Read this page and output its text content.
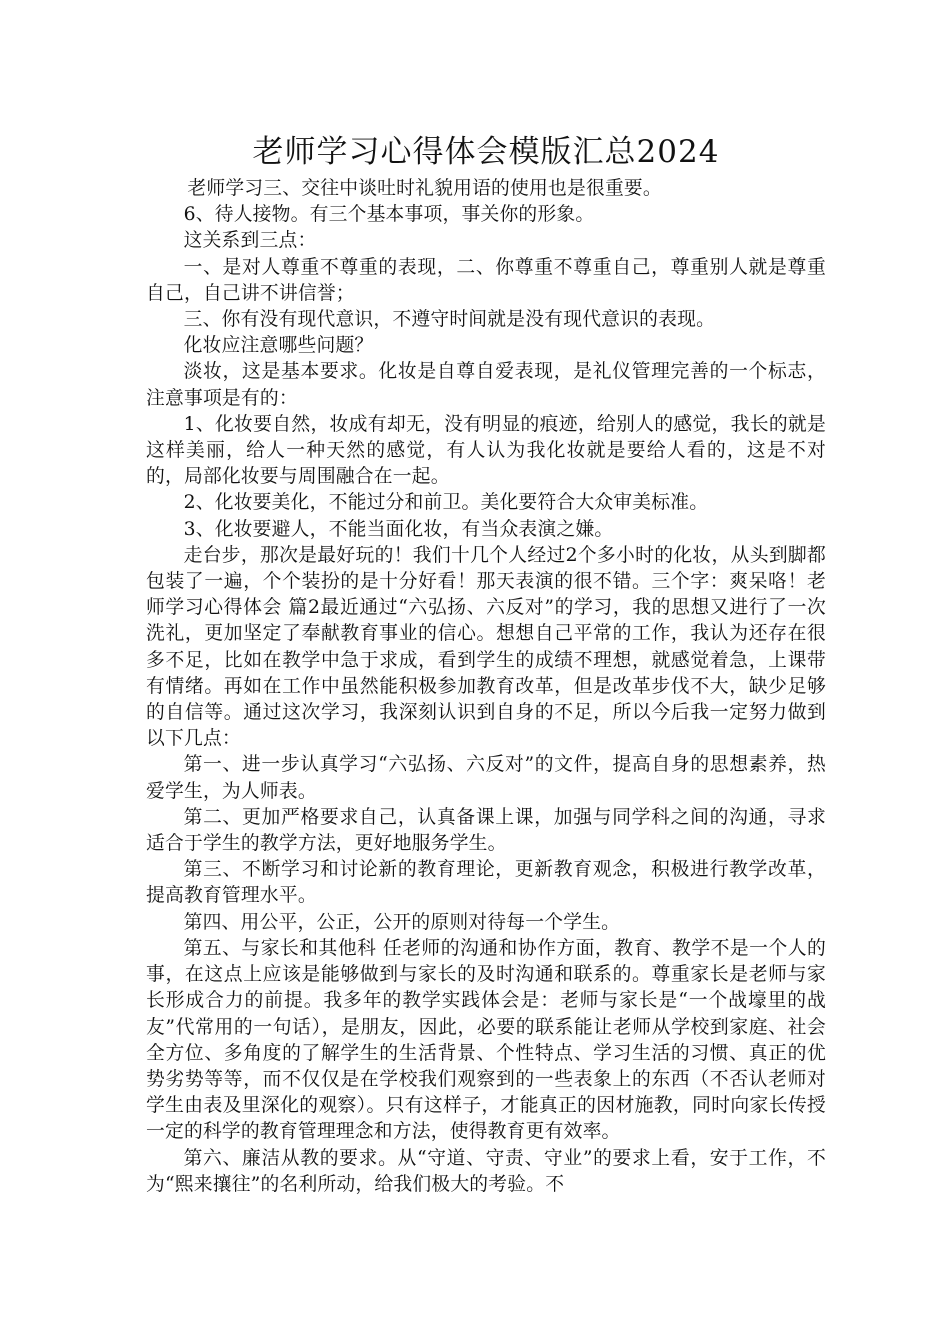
老师学习心得体会模版汇总2024

老师学习三、交往中谈吐时礼貌用语的使用也是很重要。

6、待人接物。有三个基本事项，事关你的形象。

这关系到三点：

一、是对人尊重不尊重的表现，二、你尊重不尊重自己，尊重别人就是尊重自己，自己讲不讲信誉；

三、你有没有现代意识，不遵守时间就是没有现代意识的表现。

化妆应注意哪些问题？

淡妆，这是基本要求。化妆是自尊自爱表现，是礼仪管理完善的一个标志，注意事项是有的：

1、化妆要自然，妆成有却无，没有明显的痕迹，给别人的感觉，我长的就是这样美丽，给人一种天然的感觉，有人认为我化妆就是要给人看的，这是不对的，局部化妆要与周围融合在一起。

2、化妆要美化，不能过分和前卫。美化要符合大众审美标准。

3、化妆要避人，不能当面化妆，有当众表演之嫌。

走台步，那次是最好玩的！我们十几个人经过2个多小时的化妆，从头到脚都包装了一遍，个个装扮的是十分好看！那天表演的很不错。三个字：爽呆咯！老师学习心得体会 篇2最近通过“六弘扬、六反对”的学习，我的思想又进行了一次洗礼，更加坚定了奉献教育事业的信心。想想自己平常的工作，我认为还存在很多不足，比如在教学中急于求成，看到学生的成绩不理想，就感觉着急，上课带有情绪。再如在工作中虽然能积极参加教育改革，但是改革步伐不大，缺少足够的自信等。通过这次学习，我深刻认识到自身的不足，所以今后我一定努力做到以下几点：

第一、进一步认真学习“六弘扬、六反对”的文件，提高自身的思想素养，热爱学生，为人师表。

第二、更加严格要求自己，认真备课上课，加强与同学科之间的沟通，寻求适合于学生的教学方法，更好地服务学生。

第三、不断学习和讨论新的教育理论，更新教育观念，积极进行教学改革，提高教育管理水平。

第四、用公平，公正，公开的原则对待每一个学生。

第五、与家长和其他科 任老师的沟通和协作方面，教育、教学不是一个人的事，在这点上应该是能够做到与家长的及时沟通和联系的。尊重家长是老师与家长形成合力的前提。我多年的教学实践体会是：老师与家长是“一个战壕里的战友”代常用的一句话），是朋友，因此，必要的联系能让老师从学校到家庭、社会全方位、多角度的了解学生的生活背景、个性特点、学习生活的习惯、真正的优势劣势等等，而不仅仅是在学校我们观察到的一些表象上的东西（不否认老师对学生由表及里深化的观察）。只有这样子，才能真正的因材施教，同时向家长传授一定的科学的教育管理理念和方法，使得教育更有效率。

第六、廉洁从教的要求。从“守道、守责、守业”的要求上看，安于工作，不为“熙来攘往”的名利所动，给我们极大的考验。不
